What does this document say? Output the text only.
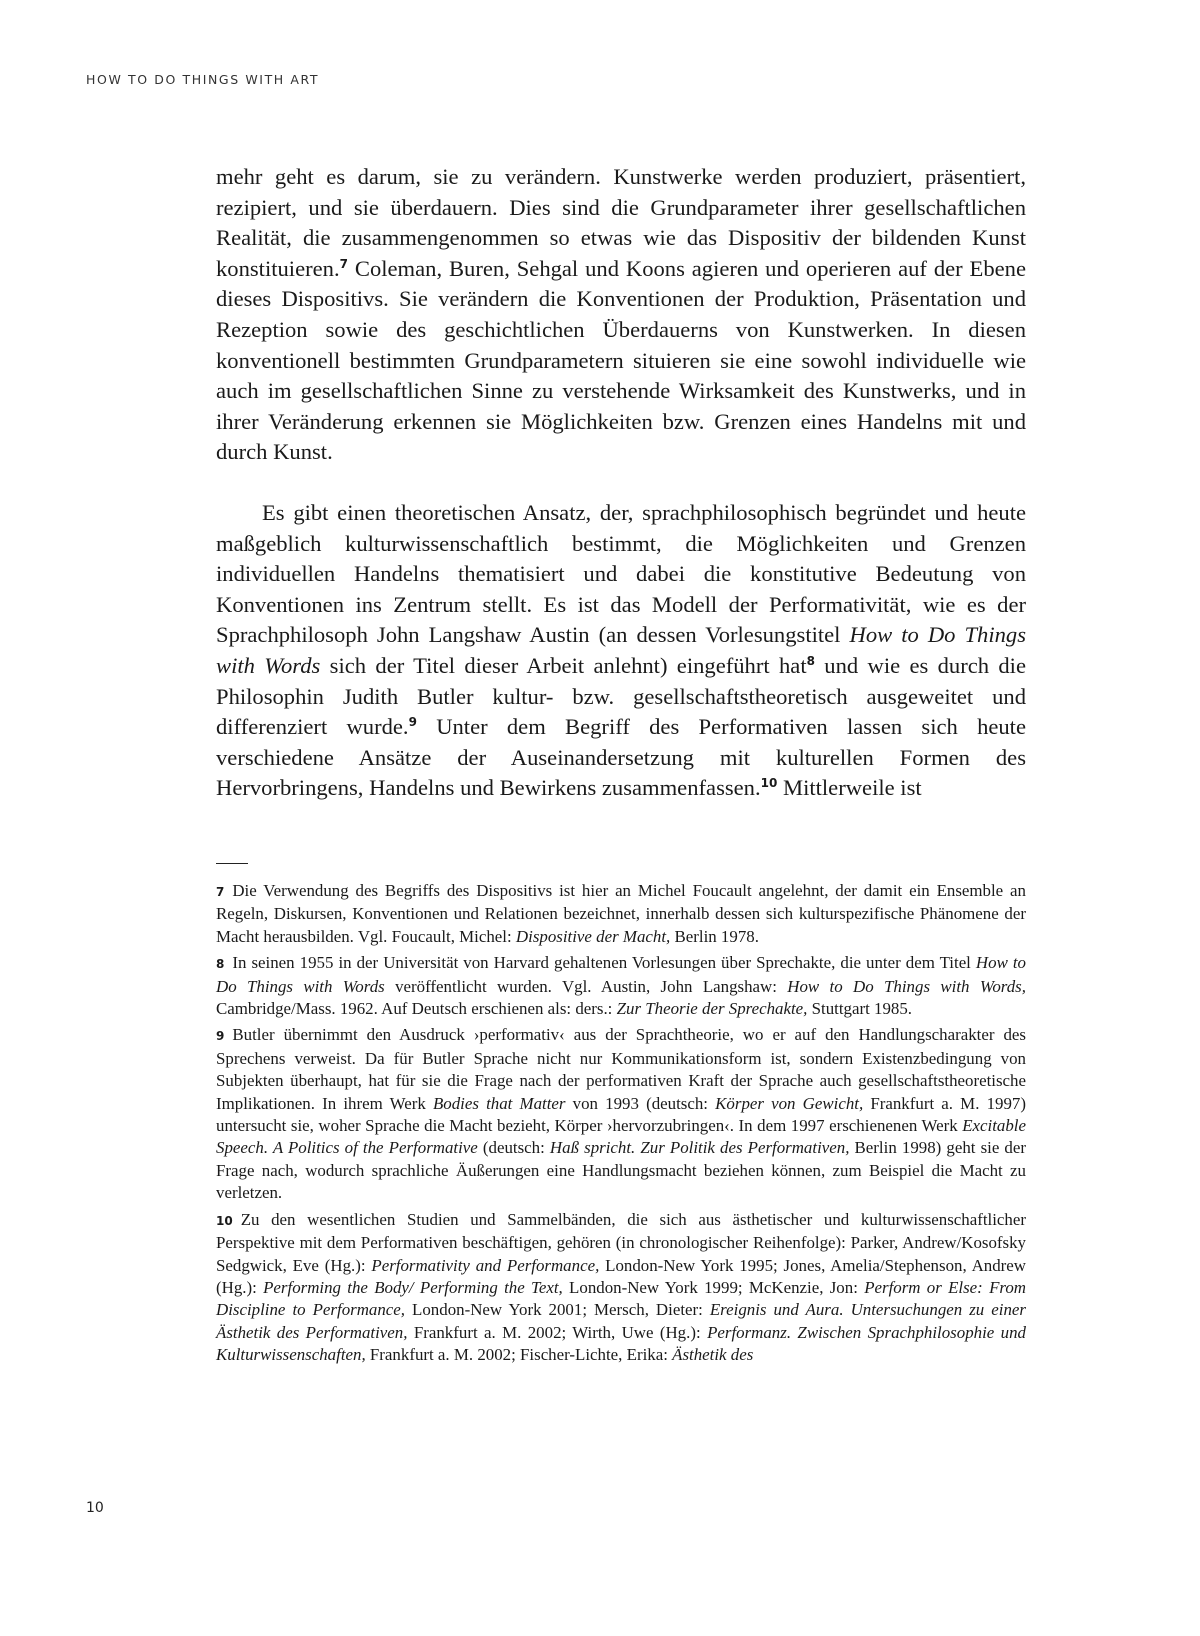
HOW TO DO THINGS WITH ART

mehr geht es darum, sie zu verändern. Kunstwerke werden produziert, präsentiert, rezipiert, und sie überdauern. Dies sind die Grundparameter ihrer gesellschaftlichen Realität, die zusammengenommen so etwas wie das Dispositiv der bildenden Kunst konstituieren.$^7$ Coleman, Buren, Sehgal und Koons agieren und operieren auf der Ebene dieses Dispositivs. Sie verändern die Konventionen der Produktion, Präsentation und Rezeption sowie des geschichtlichen Überdauerns von Kunstwerken. In diesen konventionell bestimmten Grundparametern situieren sie eine sowohl individuelle wie auch im gesellschaftlichen Sinne zu verstehende Wirksamkeit des Kunstwerks, und in ihrer Veränderung erkennen sie Möglichkeiten bzw. Grenzen eines Handelns mit und durch Kunst.

Es gibt einen theoretischen Ansatz, der, sprachphilosophisch begründet und heute maßgeblich kulturwissenschaftlich bestimmt, die Möglichkeiten und Grenzen individuellen Handelns thematisiert und dabei die konstitutive Bedeutung von Konventionen ins Zentrum stellt. Es ist das Modell der Performativität, wie es der Sprachphilosoph John Langshaw Austin (an dessen Vorlesungstitel How to Do Things with Words sich der Titel dieser Arbeit anlehnt) eingeführt hat$^8$ und wie es durch die Philosophin Judith Butler kultur- bzw. gesellschaftstheoretisch ausgeweitet und differenziert wurde.$^9$ Unter dem Begriff des Performativen lassen sich heute verschiedene Ansätze der Auseinandersetzung mit kulturellen Formen des Hervorbringens, Handelns und Bewirkens zusammenfassen.$^{10}$ Mittlerweile ist

7 Die Verwendung des Begriffs des Dispositivs ist hier an Michel Foucault angelehnt, der damit ein Ensemble an Regeln, Diskursen, Konventionen und Relationen bezeichnet, innerhalb dessen sich kulturspezifische Phänomene der Macht herausbilden. Vgl. Foucault, Michel: Dispositive der Macht, Berlin 1978.

8 In seinen 1955 in der Universität von Harvard gehaltenen Vorlesungen über Sprechakte, die unter dem Titel How to Do Things with Words veröffentlicht wurden. Vgl. Austin, John Langshaw: How to Do Things with Words, Cambridge/Mass. 1962. Auf Deutsch erschienen als: ders.: Zur Theorie der Sprechakte, Stuttgart 1985.

9 Butler übernimmt den Ausdruck ›performativ‹ aus der Sprachtheorie, wo er auf den Handlungscharakter des Sprechens verweist. Da für Butler Sprache nicht nur Kommunikationsform ist, sondern Existenzbedingung von Subjekten überhaupt, hat für sie die Frage nach der performativen Kraft der Sprache auch gesellschaftstheoretische Implikationen. In ihrem Werk Bodies that Matter von 1993 (deutsch: Körper von Gewicht, Frankfurt a. M. 1997) untersucht sie, woher Sprache die Macht bezieht, Körper ›hervorzubringen‹. In dem 1997 erschienenen Werk Excitable Speech. A Politics of the Performative (deutsch: Haß spricht. Zur Politik des Performativen, Berlin 1998) geht sie der Frage nach, wodurch sprachliche Äußerungen eine Handlungsmacht beziehen können, zum Beispiel die Macht zu verletzen.

10 Zu den wesentlichen Studien und Sammelbänden, die sich aus ästhetischer und kulturwissenschaftlicher Perspektive mit dem Performativen beschäftigen, gehören (in chronologischer Reihenfolge): Parker, Andrew/Kosofsky Sedgwick, Eve (Hg.): Performativity and Performance, London-New York 1995; Jones, Amelia/Stephenson, Andrew (Hg.): Performing the Body/ Performing the Text, London-New York 1999; McKenzie, Jon: Perform or Else: From Discipline to Performance, London-New York 2001; Mersch, Dieter: Ereignis und Aura. Untersuchungen zu einer Ästhetik des Performativen, Frankfurt a. M. 2002; Wirth, Uwe (Hg.): Performanz. Zwischen Sprachphilosophie und Kulturwissenschaften, Frankfurt a. M. 2002; Fischer-Lichte, Erika: Ästhetik des

10
